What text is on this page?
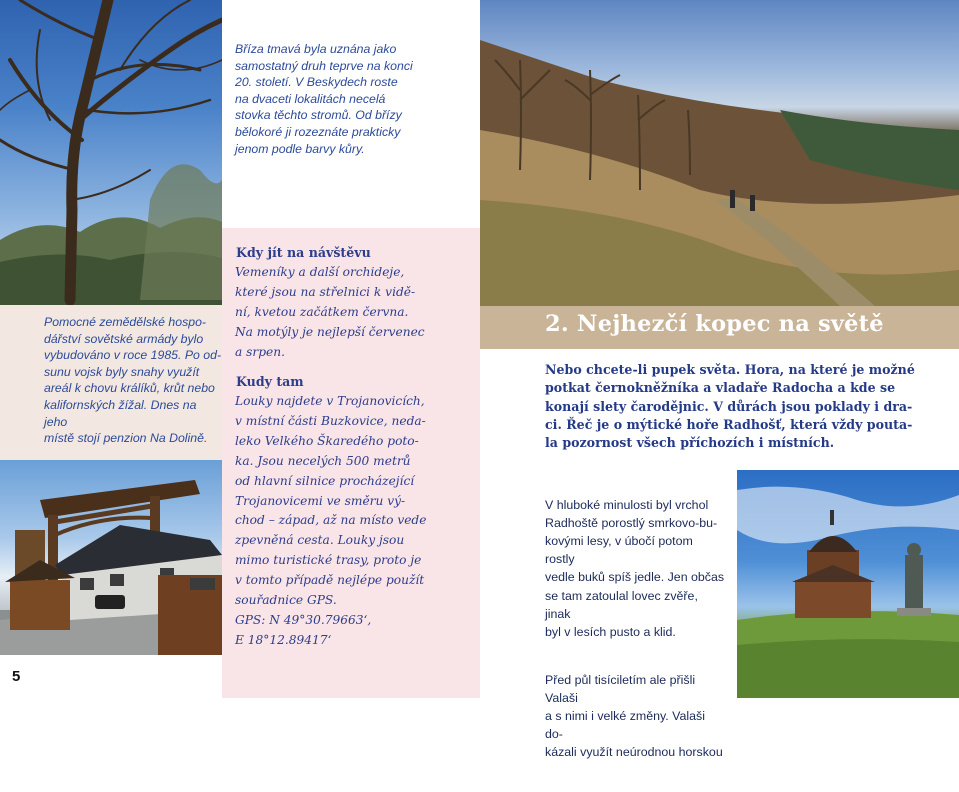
Pomocné zemědělské hospo-
dářství sovětské armády bylo
vybudováno v roce 1985. Po od-
sunu vojsk byly snahy využít
areál k chovu králíků, krůt nebo
kalifornských žížal. Dnes na jeho
místě stojí penzion Na Dolině.
5
Bříza tmavá byla uznána jako
samostatný druh teprve na konci
20. století. V Beskydech roste
na dvaceti lokalitách necelá
stovka těchto stromů. Od břízy
bělokoré ji rozeznáte prakticky
jenom podle barvy kůry.
Kdy jít na návštěvu
Vemeníky a další orchideje,
které jsou na střelnici k vidě-
ní, kvetou začátkem června.
Na motýly je nejlepší červenec
a srpen.
Kudy tam
Louky najdete v Trojanovicích,
v místní části Buzkovice, neda-
leko Velkého Škaredého poto-
ka. Jsou necelých 500 metrů
od hlavní silnice procházející
Trojanovicemi ve směru vý-
chod – západ, až na místo vede
zpevněná cesta. Louky jsou
mimo turistické trasy, proto je
v tomto případě nejlépe použít
souřadnice GPS.
GPS: N 49°30.79663‘,
E 18°12.89417‘
2. Nejhezčí kopec na světě
Nebo chcete-li pupek světa. Hora, na které je možné
potkat černokněžníka a vladaře Radocha a kde se
konají slety čarodějnic. V důrách jsou poklady i dra-
ci. Řeč je o mýtické hoře Radhošť, která vždy pouta-
la pozornost všech příchozích i místních.

V hluboké minulosti byl vrchol
Radhoště porostlý smrkovo-bu-
kovými lesy, v úbočí potom rostly
vedle buků spíš jedle. Jen občas
se tam zatoulal lovec zvěře, jinak
byl v lesích pusto a klid.

Před půl tisíciletím ale přišli Valaši
a s nimi i velké změny. Valaši do-
kázali využít neúrodnou horskou
